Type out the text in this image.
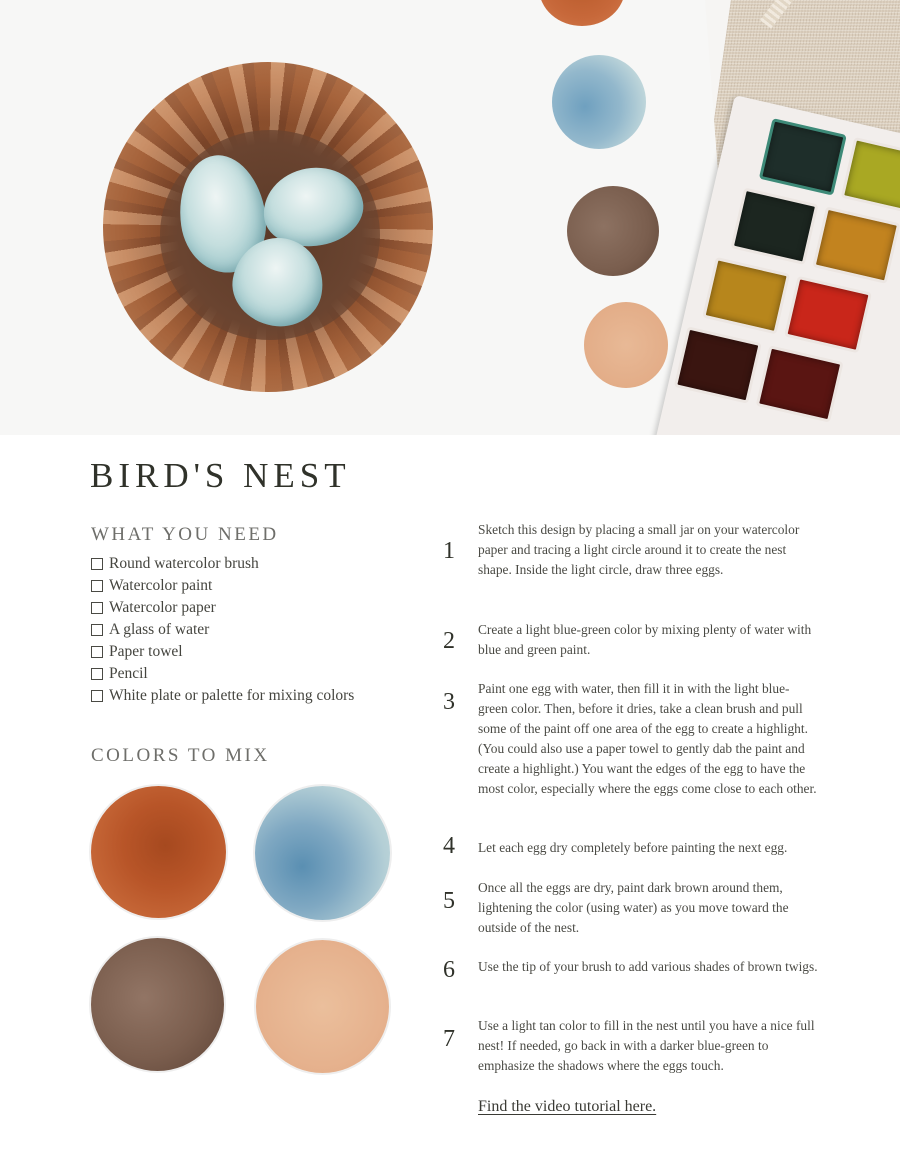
BIRD'S NEST
WHAT YOU NEED
Round watercolor brush
Watercolor paint
Watercolor paper
A glass of water
Paper towel
Pencil
White plate or palette for mixing colors
COLORS TO MIX
1
Sketch this design by placing a small jar on your watercolor paper and tracing a light circle around it to create the nest shape. Inside the light circle, draw three eggs.
2	Create a light blue-green color by mixing plenty of water with blue and green paint.
3
Paint one egg with water, then fill it in with the light blue-green color. Then, before it dries, take a clean brush and pull some of the paint off one area of the egg to create a highlight. (You could also use a paper towel to gently dab the paint and create a highlight.) You want the edges of the egg to have the most color, especially where the eggs come close to each other.
4	Let each egg dry completely before painting the next egg.
5
Once all the eggs are dry, paint dark brown around them, lightening the color (using water) as you move toward the outside of the nest.
6	Use the tip of your brush to add various shades of brown twigs.
7
Use a light tan color to fill in the nest until you have a nice full nest! If needed, go back in with a darker blue-green to emphasize the shadows where the eggs touch.
Find the video tutorial here.
